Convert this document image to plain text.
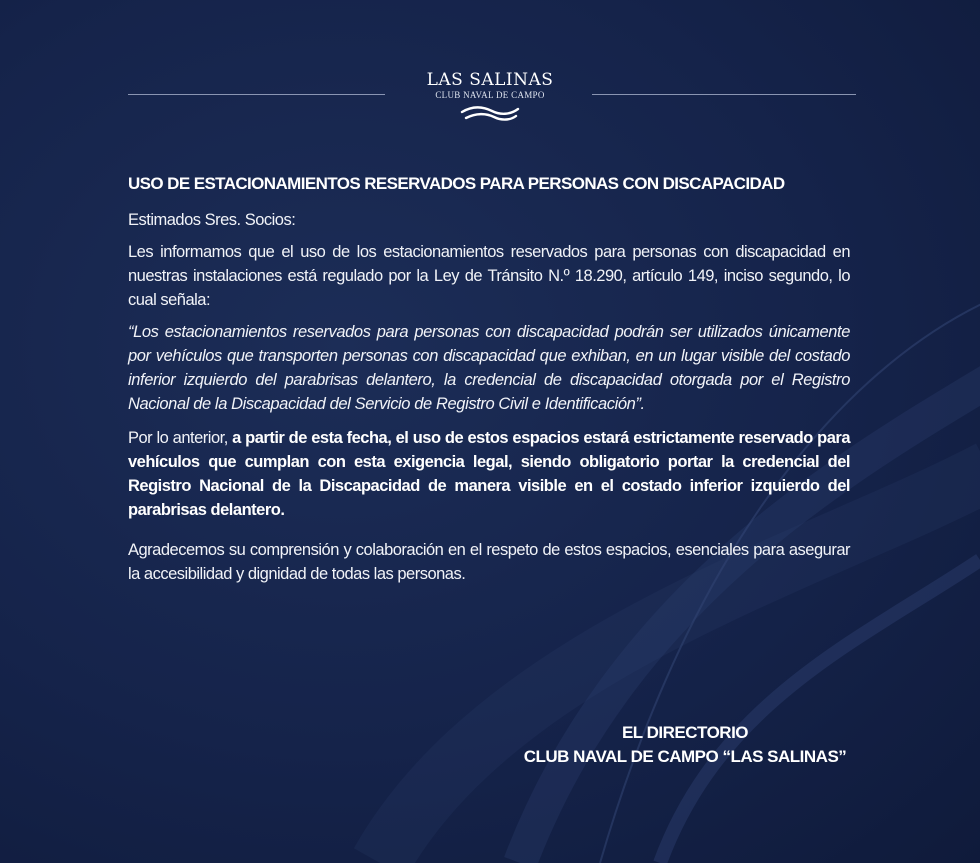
LAS SALINAS
CLUB NAVAL DE CAMPO
USO DE ESTACIONAMIENTOS RESERVADOS PARA PERSONAS CON DISCAPACIDAD

Estimados Sres. Socios:

Les informamos que el uso de los estacionamientos reservados para personas con discapacidad en nuestras instalaciones está regulado por la Ley de Tránsito N.º 18.290, artículo 149, inciso segundo, lo cual señala:

“Los estacionamientos reservados para personas con discapacidad podrán ser utilizados únicamente por vehículos que transporten personas con discapacidad que exhiban, en un lugar visible del costado inferior izquierdo del parabrisas delantero, la credencial de discapacidad otorgada por el Registro Nacional de la Discapacidad del Servicio de Registro Civil e Identificación”.

Por lo anterior, a partir de esta fecha, el uso de estos espacios estará estrictamente reservado para vehículos que cumplan con esta exigencia legal, siendo obligatorio portar la credencial del Registro Nacional de la Discapacidad de manera visible en el costado inferior izquierdo del parabrisas delantero.

Agradecemos su comprensión y colaboración en el respeto de estos espacios, esenciales para asegurar la accesibilidad y dignidad de todas las personas.

EL DIRECTORIO
CLUB NAVAL DE CAMPO “LAS SALINAS”
